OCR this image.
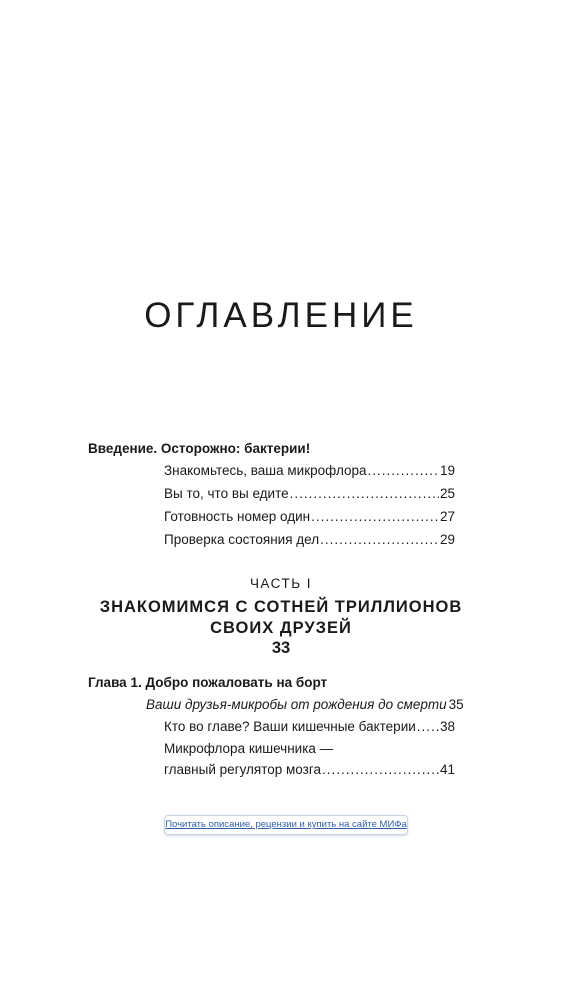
ОГЛАВЛЕНИЕ
Введение. Осторожно: бактерии!
Знакомьтесь, ваша микрофлора .....	19
Вы то, что вы едите .....	25
Готовность номер один .....	27
Проверка состояния дел .....	29
ЧАСТЬ I
ЗНАКОМИМСЯ С СОТНЕЙ ТРИЛЛИОНОВ
СВОИХ ДРУЗЕЙ
33
Глава 1. Добро пожаловать на борт
Ваши друзья-микробы от рождения до смерти 35
Кто во главе? Ваши кишечные бактерии ..... 38
Микрофлора кишечника —
главный регулятор мозга .....	41
Почитать описание, рецензии и купить на сайте МИФа
